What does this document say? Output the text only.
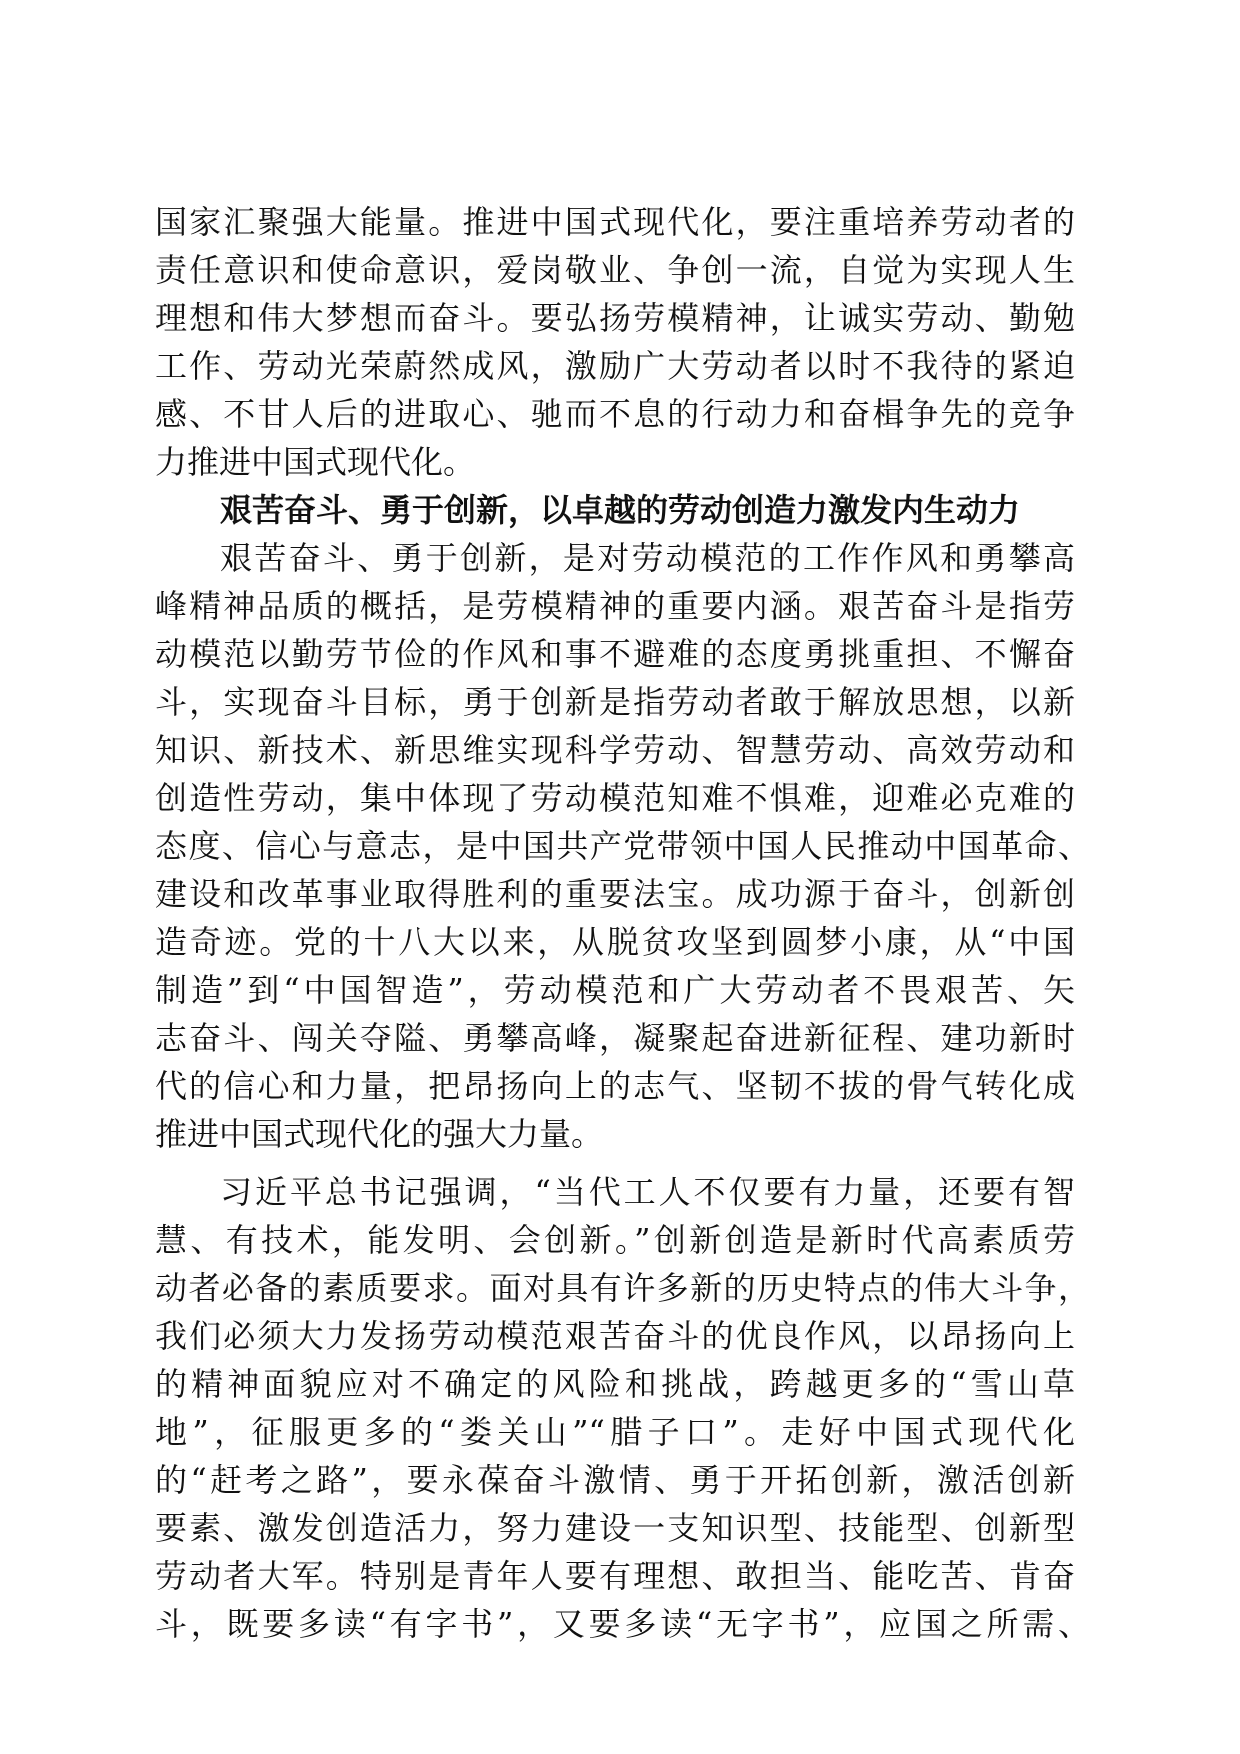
国家汇聚强大能量。推进中国式现代化，要注重培养劳动者的
责任意识和使命意识，爱岗敬业、争创一流，自觉为实现人生
理想和伟大梦想而奋斗。要弘扬劳模精神，让诚实劳动、勤勉
工作、劳动光荣蔚然成风，激励广大劳动者以时不我待的紧迫
感、不甘人后的进取心、驰而不息的行动力和奋楫争先的竞争
力推进中国式现代化。
艰苦奋斗、勇于创新，以卓越的劳动创造力激发内生动力
艰苦奋斗、勇于创新，是对劳动模范的工作作风和勇攀高
峰精神品质的概括，是劳模精神的重要内涵。艰苦奋斗是指劳
动模范以勤劳节俭的作风和事不避难的态度勇挑重担、不懈奋
斗，实现奋斗目标，勇于创新是指劳动者敢于解放思想，以新
知识、新技术、新思维实现科学劳动、智慧劳动、高效劳动和
创造性劳动，集中体现了劳动模范知难不惧难，迎难必克难的
态度、信心与意志，是中国共产党带领中国人民推动中国革命、
建设和改革事业取得胜利的重要法宝。成功源于奋斗，创新创
造奇迹。党的十八大以来，从脱贫攻坚到圆梦小康，从“中国
制造”到“中国智造”，劳动模范和广大劳动者不畏艰苦、矢
志奋斗、闯关夺隘、勇攀高峰，凝聚起奋进新征程、建功新时
代的信心和力量，把昂扬向上的志气、坚韧不拔的骨气转化成
推进中国式现代化的强大力量。
习近平总书记强调，“当代工人不仅要有力量，还要有智
慧、有技术，能发明、会创新。”创新创造是新时代高素质劳
动者必备的素质要求。面对具有许多新的历史特点的伟大斗争，
我们必须大力发扬劳动模范艰苦奋斗的优良作风，以昂扬向上
的精神面貌应对不确定的风险和挑战，跨越更多的“雪山草
地”，征服更多的“娄关山”“腊子口”。走好中国式现代化
的“赶考之路”，要永葆奋斗激情、勇于开拓创新，激活创新
要素、激发创造活力，努力建设一支知识型、技能型、创新型
劳动者大军。特别是青年人要有理想、敢担当、能吃苦、肯奋
斗，既要多读“有字书”，又要多读“无字书”，应国之所需、
